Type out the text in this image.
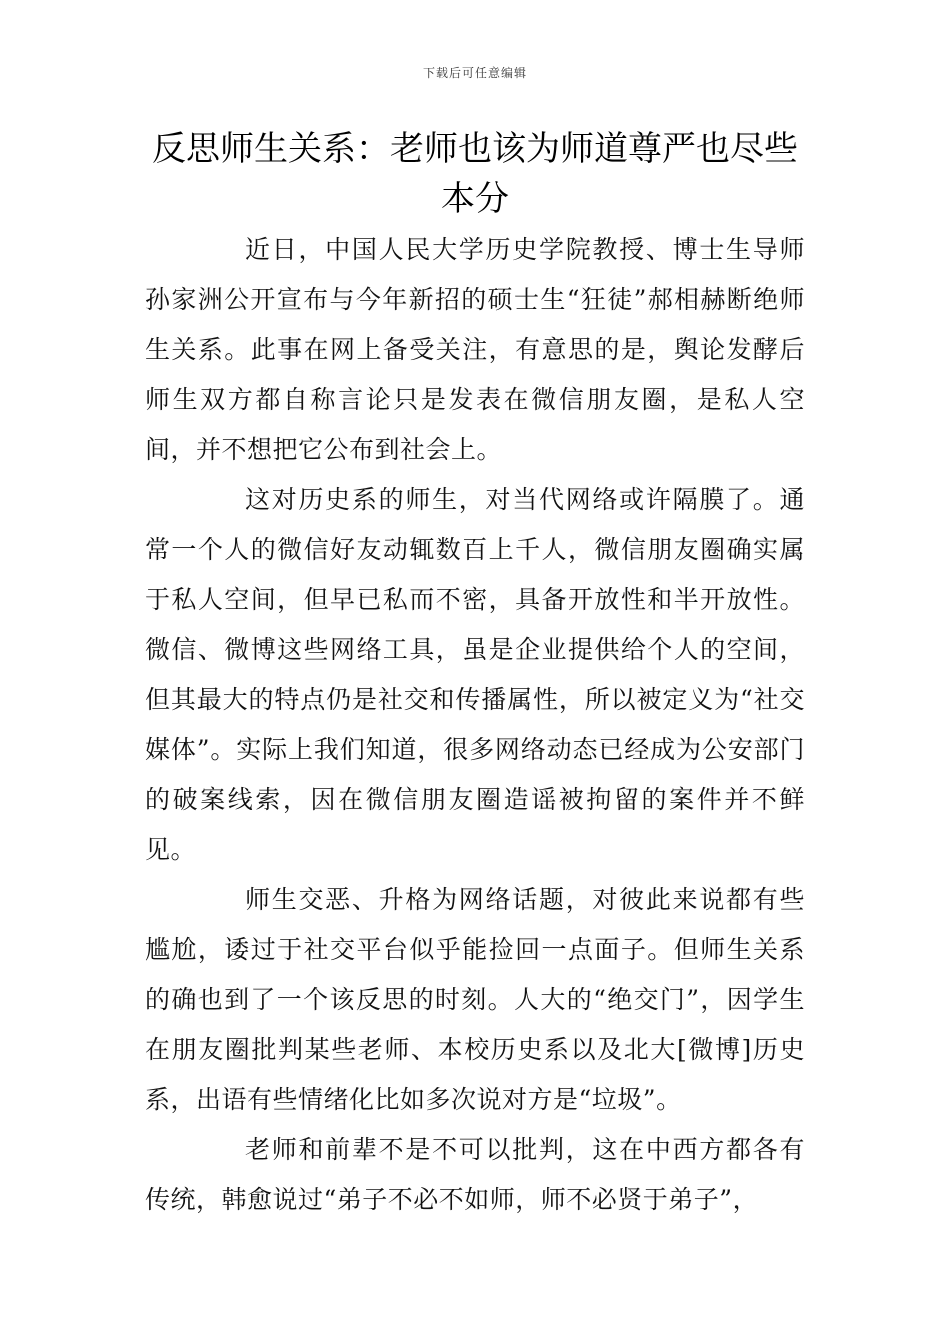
下载后可任意编辑
反思师生关系：老师也该为师道尊严也尽些本分

近日，中国人民大学历史学院教授、博士生导师孙家洲公开宣布与今年新招的硕士生“狂徒”郝相赫断绝师生关系。此事在网上备受关注，有意思的是，舆论发酵后师生双方都自称言论只是发表在微信朋友圈，是私人空间，并不想把它公布到社会上。

这对历史系的师生，对当代网络或许隔膜了。通常一个人的微信好友动辄数百上千人，微信朋友圈确实属于私人空间，但早已私而不密，具备开放性和半开放性。微信、微博这些网络工具，虽是企业提供给个人的空间，但其最大的特点仍是社交和传播属性，所以被定义为“社交媒体”。实际上我们知道，很多网络动态已经成为公安部门的破案线索，因在微信朋友圈造谣被拘留的案件并不鲜见。

师生交恶、升格为网络话题，对彼此来说都有些尴尬，诿过于社交平台似乎能捡回一点面子。但师生关系的确也到了一个该反思的时刻。人大的“绝交门”，因学生在朋友圈批判某些老师、本校历史系以及北大[微博]历史系，出语有些情绪化比如多次说对方是“垃圾”。

老师和前辈不是不可以批判，这在中西方都各有传统，韩愈说过“弟子不必不如师，师不必贤于弟子”，
